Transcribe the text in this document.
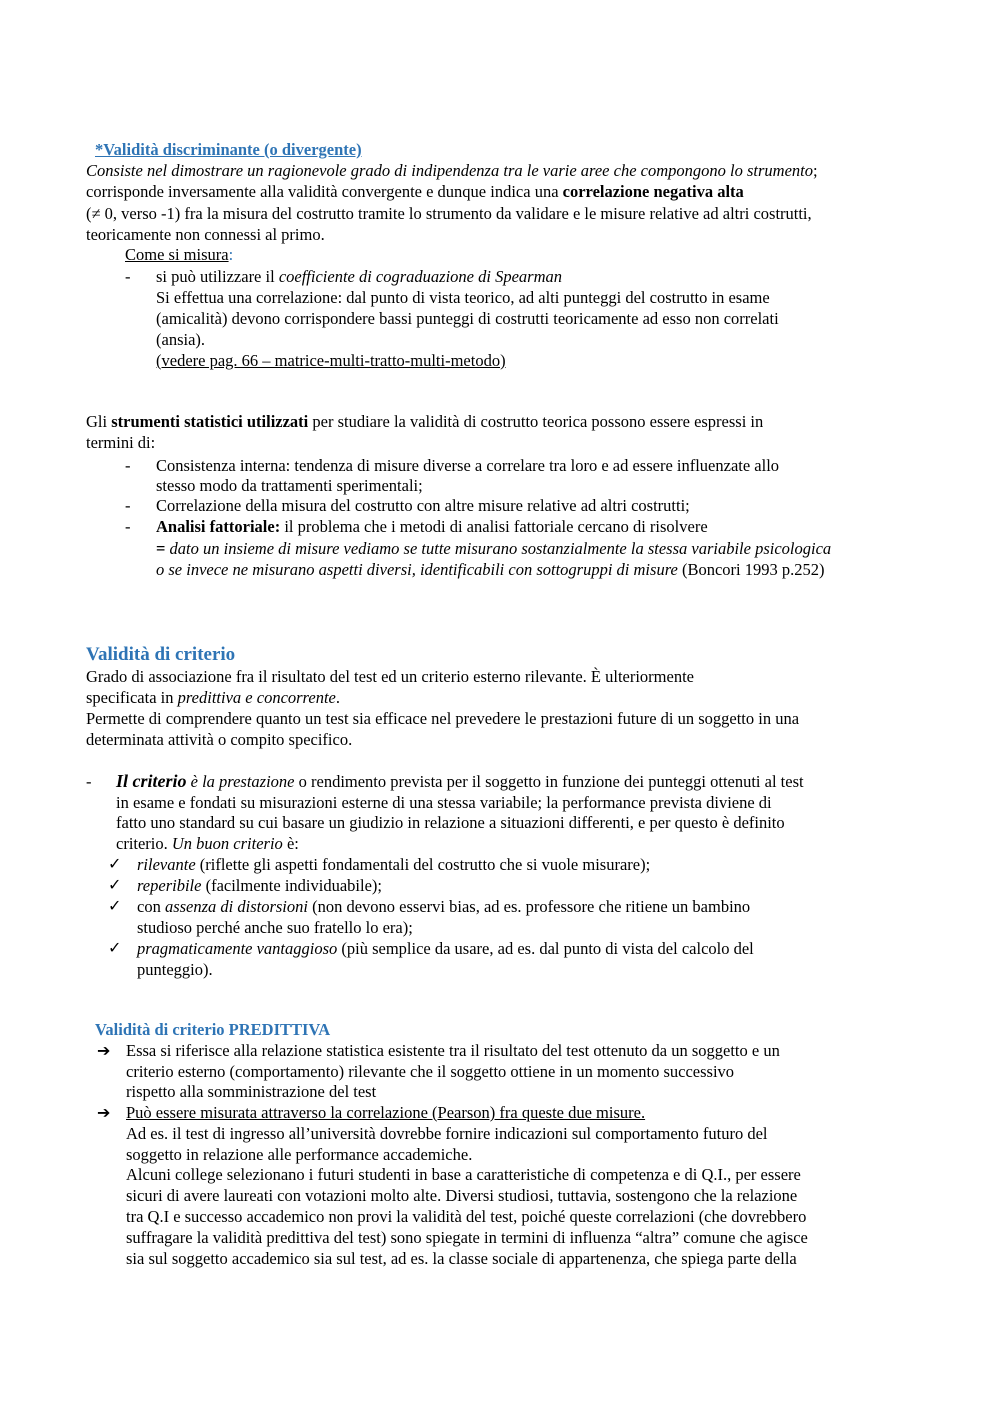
*Validità discriminante (o divergente)
Consiste nel dimostrare un ragionevole grado di indipendenza tra le varie aree che compongono lo strumento;
corrisponde inversamente alla validità convergente e dunque indica una correlazione negativa alta
(≠ 0, verso -1) fra la misura del costrutto tramite lo strumento da validare e le misure relative ad altri costrutti,
teoricamente non connessi al primo.
Come si misura:
- si può utilizzare il coefficiente di cograduazione di Spearman
Si effettua una correlazione: dal punto di vista teorico, ad alti punteggi del costrutto in esame
(amicalità) devono corrispondere bassi punteggi di costrutti teoricamente ad esso non correlati
(ansia).
(vedere pag. 66 – matrice-multi-tratto-multi-metodo)
Gli strumenti statistici utilizzati per studiare la validità di costrutto teorica possono essere espressi in
termini di:
- Consistenza interna: tendenza di misure diverse a correlare tra loro e ad essere influenzate allo
stesso modo da trattamenti sperimentali;
- Correlazione della misura del costrutto con altre misure relative ad altri costrutti;
- Analisi fattoriale: il problema che i metodi di analisi fattoriale cercano di risolvere
= dato un insieme di misure vediamo se tutte misurano sostanzialmente la stessa variabile psicologica
o se invece ne misurano aspetti diversi, identificabili con sottogruppi di misure (Boncori 1993 p.252)
Validità di criterio
Grado di associazione fra il risultato del test ed un criterio esterno rilevante. È ulteriormente
specificata in predittiva e concorrente.
Permette di comprendere quanto un test sia efficace nel prevedere le prestazioni future di un soggetto in una
determinata attività o compito specifico.
- Il criterio è la prestazione o rendimento prevista per il soggetto in funzione dei punteggi ottenuti al test
in esame e fondati su misurazioni esterne di una stessa variabile; la performance prevista diviene di
fatto uno standard su cui basare un giudizio in relazione a situazioni differenti, e per questo è definito
criterio. Un buon criterio è:
✓ rilevante (riflette gli aspetti fondamentali del costrutto che si vuole misurare);
✓ reperibile (facilmente individuabile);
✓ con assenza di distorsioni (non devono esservi bias, ad es. professore che ritiene un bambino
studioso perché anche suo fratello lo era);
✓ pragmaticamente vantaggioso (più semplice da usare, ad es. dal punto di vista del calcolo del
punteggio).
Validità di criterio PREDITTIVA
➔ Essa si riferisce alla relazione statistica esistente tra il risultato del test ottenuto da un soggetto e un
criterio esterno (comportamento) rilevante che il soggetto ottiene in un momento successivo
rispetto alla somministrazione del test
➔ Può essere misurata attraverso la correlazione (Pearson) fra queste due misure.
Ad es. il test di ingresso all’università dovrebbe fornire indicazioni sul comportamento futuro del
soggetto in relazione alle performance accademiche.
Alcuni college selezionano i futuri studenti in base a caratteristiche di competenza e di Q.I., per essere
sicuri di avere laureati con votazioni molto alte. Diversi studiosi, tuttavia, sostengono che la relazione
tra Q.I e successo accademico non provi la validità del test, poiché queste correlazioni (che dovrebbero
suffragare la validità predittiva del test) sono spiegate in termini di influenza “altra” comune che agisce
sia sul soggetto accademico sia sul test, ad es. la classe sociale di appartenenza, che spiega parte della
